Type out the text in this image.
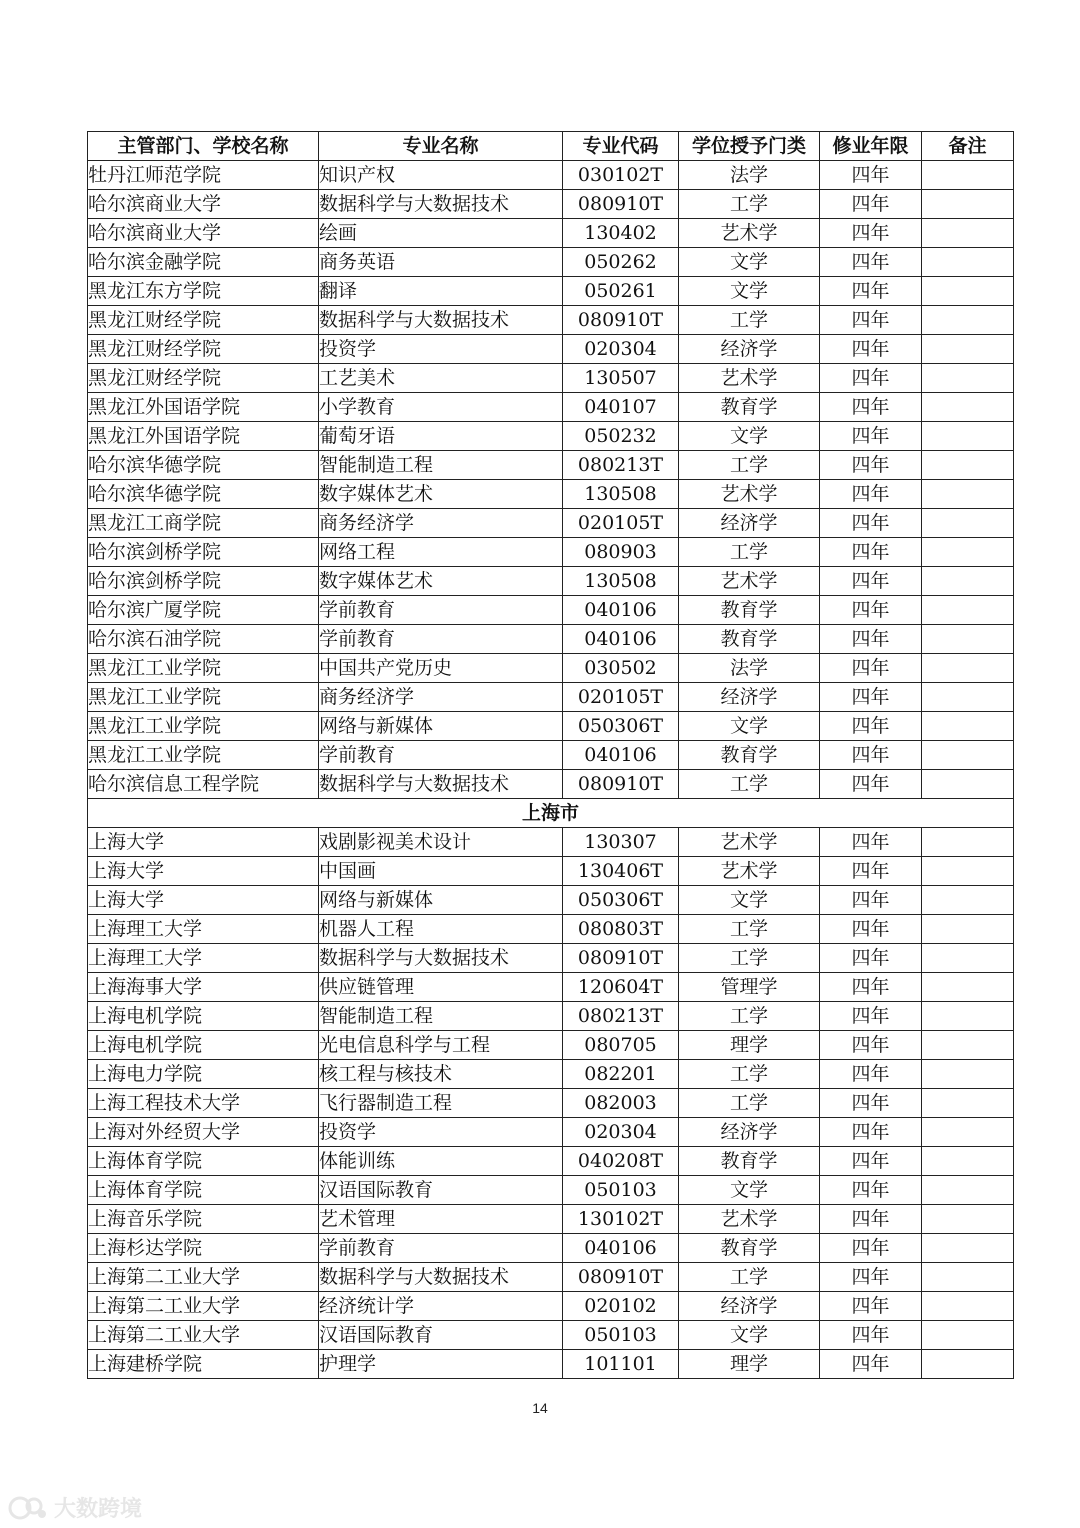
主管部门、学校名称	专业名称	专业代码	学位授予门类	修业年限	备注
牡丹江师范学院	知识产权	030102T	法学	四年	
哈尔滨商业大学	数据科学与大数据技术	080910T	工学	四年	
哈尔滨商业大学	绘画	130402	艺术学	四年	
哈尔滨金融学院	商务英语	050262	文学	四年	
黑龙江东方学院	翻译	050261	文学	四年	
黑龙江财经学院	数据科学与大数据技术	080910T	工学	四年	
黑龙江财经学院	投资学	020304	经济学	四年	
黑龙江财经学院	工艺美术	130507	艺术学	四年	
黑龙江外国语学院	小学教育	040107	教育学	四年	
黑龙江外国语学院	葡萄牙语	050232	文学	四年	
哈尔滨华德学院	智能制造工程	080213T	工学	四年	
哈尔滨华德学院	数字媒体艺术	130508	艺术学	四年	
黑龙江工商学院	商务经济学	020105T	经济学	四年	
哈尔滨剑桥学院	网络工程	080903	工学	四年	
哈尔滨剑桥学院	数字媒体艺术	130508	艺术学	四年	
哈尔滨广厦学院	学前教育	040106	教育学	四年	
哈尔滨石油学院	学前教育	040106	教育学	四年	
黑龙江工业学院	中国共产党历史	030502	法学	四年	
黑龙江工业学院	商务经济学	020105T	经济学	四年	
黑龙江工业学院	网络与新媒体	050306T	文学	四年	
黑龙江工业学院	学前教育	040106	教育学	四年	
哈尔滨信息工程学院	数据科学与大数据技术	080910T	工学	四年	
上海市					
上海大学	戏剧影视美术设计	130307	艺术学	四年	
上海大学	中国画	130406T	艺术学	四年	
上海大学	网络与新媒体	050306T	文学	四年	
上海理工大学	机器人工程	080803T	工学	四年	
上海理工大学	数据科学与大数据技术	080910T	工学	四年	
上海海事大学	供应链管理	120604T	管理学	四年	
上海电机学院	智能制造工程	080213T	工学	四年	
上海电机学院	光电信息科学与工程	080705	理学	四年	
上海电力学院	核工程与核技术	082201	工学	四年	
上海工程技术大学	飞行器制造工程	082003	工学	四年	
上海对外经贸大学	投资学	020304	经济学	四年	
上海体育学院	体能训练	040208T	教育学	四年	
上海体育学院	汉语国际教育	050103	文学	四年	
上海音乐学院	艺术管理	130102T	艺术学	四年	
上海杉达学院	学前教育	040106	教育学	四年	
上海第二工业大学	数据科学与大数据技术	080910T	工学	四年	
上海第二工业大学	经济统计学	020102	经济学	四年	
上海第二工业大学	汉语国际教育	050103	文学	四年	
上海建桥学院	护理学	101101	理学	四年	
14
大数跨境
